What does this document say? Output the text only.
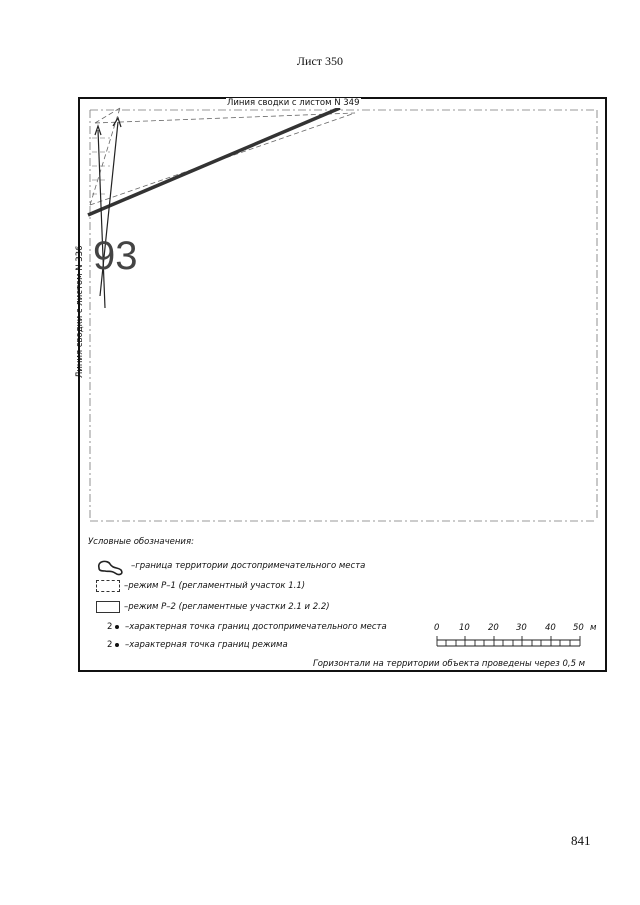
Лист 350
Линия сводки с листом N 349
Линия сводки с листом N 336 93
Условные обозначения:
–граница территории достопримечательного места
–режим Р–1 (регламентный участок 1.1)
–режим Р–2 (регламентные участки 2.1 и 2.2)
2	–характерная точка границ достопримечательного места
2	–характерная точка границ режима
0 10 20 30 40 50 м
Горизонтали на территории объекта проведены через 0,5 м
841
